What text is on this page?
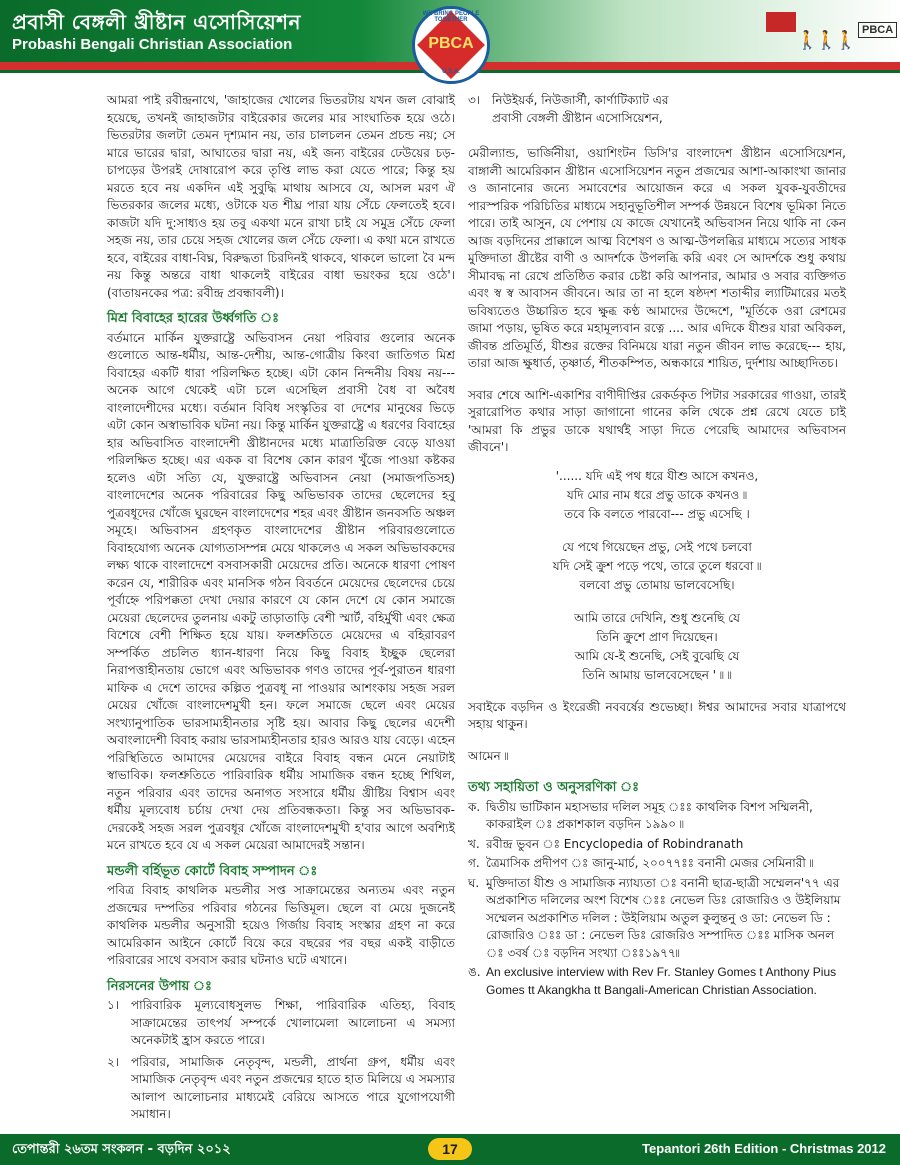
প্রবাসী বেঙ্গলী খ্রীষ্টান এসোসিয়েশন
Probashi Bengali Christian Association	🚶🚶🚶 PBCA
WE BRING PEOPLE TOGETHER
PBCA
U.S.A.

আমরা পাই রবীন্দ্রনাথে, 'জাহাজের খোলের ভিতরটায় যখন জল বোঝাই হয়েছে, তখনই জাহাজটার বাইরেকার জলের মার সাংঘাতিক হয়ে ওঠে। ভিতরটার জলটা তেমন দৃশ্যমান নয়, তার চালচলন তেমন প্রচন্ড নয়; সে মারে ভারের দ্বারা, আঘাতের দ্বারা নয়, এই জন্য বাইরের ঢেউয়ের চড়-চাপড়ের উপরই দোষারোপ করে তৃপ্তি লাভ করা যেতে পারে; কিন্তু হয় মরতে হবে নয় একদিন এই সুবুদ্ধি মাথায় আসবে যে, আসল মরণ ঐ ভিতরকার জলের মধ্যে, ওটাকে যত শীঘ্র পারা যায় সেঁচে ফেলতেই হবে। কাজটা যদি দু:সাধ্যও হয় তবু একথা মনে রাখা চাই যে সমুদ্র সেঁচে ফেলা সহজ নয়, তার চেয়ে সহজ খোলের জল সেঁচে ফেলা। এ কথা মনে রাখতে হবে, বাইরের বাধা-বিঘ্ন, বিরুদ্ধতা চিরদিনই থাকবে, থাকলে ভালো বৈ মন্দ নয় কিন্তু অন্তরে বাধা থাকলেই বাইরের বাধা ভয়ংকর হয়ে ওঠে'। (বাতায়নকের পত্র: রবীন্দ্র প্রবন্ধাবলী)।

মিশ্র বিবাহের হারের উর্ধ্বগতি ঃ

বর্তমানে মার্কিন যুক্তরাষ্ট্রে অভিবাসন নেয়া পরিবার গুলোর অনেক গুলোতে আন্ত-ধর্মীয়, আন্ত-দেশীয়, আন্ত-গোত্রীয় কিংবা জাতিগত মিশ্র বিবাহের একটি ধারা পরিলক্ষিত হচ্ছে। এটা কোন নিন্দনীয় বিষয় নয়--- অনেক আগে থেকেই এটা চলে এসেছিল প্রবাসী বৈধ বা অবৈধ বাংলাদেশীদের মধ্যে। বর্তমান বিবিধ সংস্কৃতির বা দেশের মানুষের ভিড়ে এটা কোন অস্বাভাবিক ঘটনা নয়। কিন্তু মার্কিন যুক্তরাষ্ট্রে এ ধরণের বিবাহের হার অভিবাসিত বাংলাদেশী খ্রীষ্টানদের মধ্যে মাত্রাতিরিক্ত বেড়ে যাওয়া পরিলক্ষিত হচ্ছে। এর একক বা বিশেষ কোন কারণ খুঁজে পাওয়া কষ্টকর হলেও এটা সত্যি যে, যুক্তরাষ্ট্রে অভিবাসন নেয়া (সমাজপতিসহ) বাংলাদেশের অনেক পরিবারের কিছু অভিভাবক তাদের ছেলেদের হবু পুত্রবধূদের খোঁজে ঘুরছেন বাংলাদেশের শহর এবং খ্রীষ্টান জনবসতি অঞ্চল সমূহে। অভিবাসন গ্রহণকৃত বাংলাদেশের খ্রীষ্টান পরিবারগুলোতে বিবাহযোগ্য অনেক যোগ্যতাসম্পন্ন মেয়ে থাকলেও এ সকল অভিভাবকদের লক্ষ্য থাকে বাংলাদেশে বসবাসকারী মেয়েদের প্রতি। অনেকে ধারণা পোষণ করেন যে, শারীরিক এবং মানসিক গঠন বিবর্তনে মেয়েদের ছেলেদের চেয়ে পূর্বাহ্নে পরিপক্কতা দেখা দেয়ার কারণে যে কোন দেশে যে কোন সমাজে মেয়েরা ছেলেদের তুলনায় একটু তাড়াতাড়ি বেশী স্মার্ট, বহির্মুখী এবং ক্ষেত্র বিশেষে বেশী শিক্ষিত হয়ে যায়। ফলশ্রুতিতে মেয়েদের এ বহিরাবরণ সম্পর্কিত প্রচলিত ধ্যান-ধারণা নিয়ে কিছু বিবাহ ইচ্ছুক ছেলেরা নিরাপত্তাহীনতায় ভোগে এবং অভিভাবক গণও তাদের পূর্ব-পুরাতন ধারণা মাফিক এ দেশে তাদের কল্পিত পুত্রবধূ না পাওয়ার আশংকায় সহজ সরল মেয়ের খোঁজে বাংলাদেশমুখী হন। ফলে সমাজে ছেলে এবং মেয়ের সংখ্যানুপাতিক ভারসাম্যহীনতার সৃষ্টি হয়। আবার কিছু ছেলের এদেশী অবাংলাদেশী বিবাহ করায় ভারসাম্যহীনতার হারও আরও যায় বেড়ে। এহেন পরিস্থিতিতে আমাদের মেয়েদের বাইরে বিবাহ বন্ধন মেনে নেয়াটাই স্বাভাবিক। ফলশ্রুতিতে পারিবারিক ধর্মীয় সামাজিক বন্ধন হচ্ছে শিথিল, নতুন পরিবার এবং তাদের অনাগত সংসারে ধর্মীয় খ্রীষ্টিয় বিশ্বাস এবং ধর্মীয় মূল্যবোধ চর্চায় দেখা দেয় প্রতিবন্ধকতা। কিন্তু সব অভিভাবক- দেরকেই সহজ সরল পুত্রবধূর খোঁজে বাংলাদেশমুখী হ'বার আগে অবশ্যিই মনে রাখতে হবে যে এ সকল মেয়েরা আমাদেরই সন্তান।

মন্ডলী বর্হিভূত কোর্টে বিবাহ সম্পাদন ঃ

পবিত্র বিবাহ কাথলিক মন্ডলীর সপ্ত সাক্রামেন্তের অন্যতম এবং নতুন প্রজন্মের দম্পতির পরিবার গঠনের ভিত্তিমূল। ছেলে বা মেয়ে দুজনেই কাথলিক মন্ডলীর অনুসারী হয়েও গির্জায় বিবাহ সংস্কার গ্রহণ না করে আমেরিকান আইনে কোর্টে বিয়ে করে বছরের পর বছর একই বাড়ীতে পরিবারের সাথে বসবাস করার ঘটনাও ঘটে এখানে।

নিরসনের উপায় ঃ
১। পারিবারিক মূল্যবোধসুলভ শিক্ষা, পারিবারিক এতিহ্য, বিবাহ সাক্রামেন্তের তাৎপর্য সম্পর্কে খোলামেলা আলোচনা এ সমস্যা অনেকটাই হ্রাস করতে পারে।
২। পরিবার, সামাজিক নেতৃবৃন্দ, মন্ডলী, প্রার্থনা গ্রুপ, ধর্মীয় এবং সামাজিক নেতৃবৃন্দ এবং নতুন প্রজন্মের হাতে হাত মিলিয়ে এ সমস্যার আলাপ আলোচনার মাধ্যমেই বেরিয়ে আসতে পারে যুগোপযোগী সমাধান।
৩। নিউইয়র্ক, নিউজার্সী, কার্ণাটিক্যাট এর
প্রবাসী বেঙ্গলী খ্রীষ্টান এসোসিয়েশন,

মেরীল্যান্ড, ভার্জিনীয়া, ওয়াশিংটন ডিসি'র বাংলাদেশ খ্রীষ্টান এসোসিয়েশন, বাঙ্গালী আমেরিকান খ্রীষ্টান এসোসিয়েশন নতুন প্রজন্মের আশা-আকাংখা জানার ও জানানোর জন্যে সমাবেশের আয়োজন করে এ সকল যুবক-যুবতীদের পারস্পরিক পরিচিতির মাধ্যমে সহানুভূতিশীল সম্পর্ক উন্নয়নে বিশেষ ভূমিকা নিতে পারে। তাই আসুন, যে পেশায় যে কাজে যেখানেই অভিবাসন নিয়ে থাকি না কেন আজ বড়দিনের প্রাক্কালে আত্ম বিশেষণ ও আত্ম-উপলব্ধির মাধ্যমে সত্যের সাধক মুক্তিদাতা খ্রীষ্টের বাণী ও আদর্শকে উপলব্ধি করি এবং সে আদর্শকে শুধু কথায় সীমাবদ্ধ না রেখে প্রতিষ্ঠিত করার চেষ্টা করি আপনার, আমার ও সবার ব্যক্তিগত এবং স্ব স্ব আবাসন জীবনে। আর তা না হলে ষষ্ঠদশ শতাব্দীর ল্যাটিমারের মতই ভবিষ্যতেও উচ্চারিত হবে ক্ষুব্ধ কণ্ঠ আমাদের উদ্দেশে, "মূর্তিকে ওরা রেশমের জামা পড়ায়, ভূষিত করে মহামূল্যবান রত্নে .... আর এদিকে যীশুর যারা অবিকল, জীবন্ত প্রতিমূর্তি, যীশুর রক্তের বিনিময়ে যারা নতুন জীবন লাভ করেছে--- হায়, তারা আজ ক্ষুধার্ত, তৃষ্ণার্ত, শীতকম্পিত, অন্ধকারে শায়িত, দুর্দশায় আচ্ছাদিতচ।

সবার শেষে আশি-একাশির বাণীদীপ্তির রেকর্ডকৃত পিটার সরকারের গাওয়া, তারই সুরারোপিত কথার সাড়া জাগানো গানের কলি থেকে প্রশ্ন রেখে যেতে চাই 'আমরা কি প্রভুর ডাকে যথার্থই সাড়া দিতে পেরেছি আমাদের অভিবাসন জীবনে'।

'...... যদি এই পথ ধরে যীশু আসে কখনও,
যদি মোর নাম ধরে প্রভু ডাকে কখনও ৷৷
তবে কি বলতে পারবো--- প্রভু এসেছি ।
যে পথে গিয়েছেন প্রভু, সেই পথে চলবো
যদি সেই ক্রুশ পড়ে পথে, তারে তুলে ধরবো ৷৷
বলবো প্রভু তোমায় ভালবেসেছি।
আমি তারে দেখিনি, শুধু শুনেছি যে
তিনি ক্রুশে প্রাণ দিয়েছেন।
আমি যে-ই শুনেছি, সেই বুঝেছি যে
তিনি আমায় ভালবেসেছেন ' ৷৷ ৷৷

সবাইকে বড়দিন ও ইংরেজী নববর্ষের শুভেচ্ছা। ঈশ্বর আমাদের সবার যাত্রাপথে সহায় থাকুন।

আমেন ৷৷

তথ্য সহায়িতা ও অনুসরণিকা ঃ
ক. দ্বিতীয় ভাটিকান মহাসভার দলিল সমূহ ঃঃ কাথলিক বিশপ সম্মিলনী, কাকরাইল ঃ প্রকাশকাল বড়দিন ১৯৯০ ৷৷
খ. রবীন্দ্র ভুবন ঃ Encyclopedia of Robindranath
গ. ত্রৈমাসিক প্রদীপণ ঃ জানু-মার্চ, ২০০৭৭ঃঃ বনানী মেজর সেমিনারী ৷৷
ঘ. মুক্তিদাতা যীশু ও সামাজিক ন্যায্যতা ঃ বনানী ছাত্র-ছাত্রী সম্মেলন'৭৭ এর অপ্রকাশিত দলিলের অংশ বিশেষ ঃঃ নেভেল ডিঃ রোজারিও ও উইলিয়াম সম্মেলন অপ্রকাশিত দলিল : উইলিয়াম অতুল কুলুন্তনু ও ডা: নেভেল ডি : রোজারিও ঃঃ ডা : নেভেল ডিঃ রোজরিও সম্পাদিত ঃঃ মাসিক অনল ঃ ৩বর্ষ ঃ বড়দিন সংখ্যা ঃঃ১৯৭৭৷৷
ঙ. An exclusive interview with Rev Fr. Stanley Gomes t Anthony Pius Gomes tt Akangkha tt Bangali-American Christian Association.
তেপান্তরী ২৬তম সংকলন - বড়দিন ২০১২	17	Tepantori 26th Edition - Christmas 2012
